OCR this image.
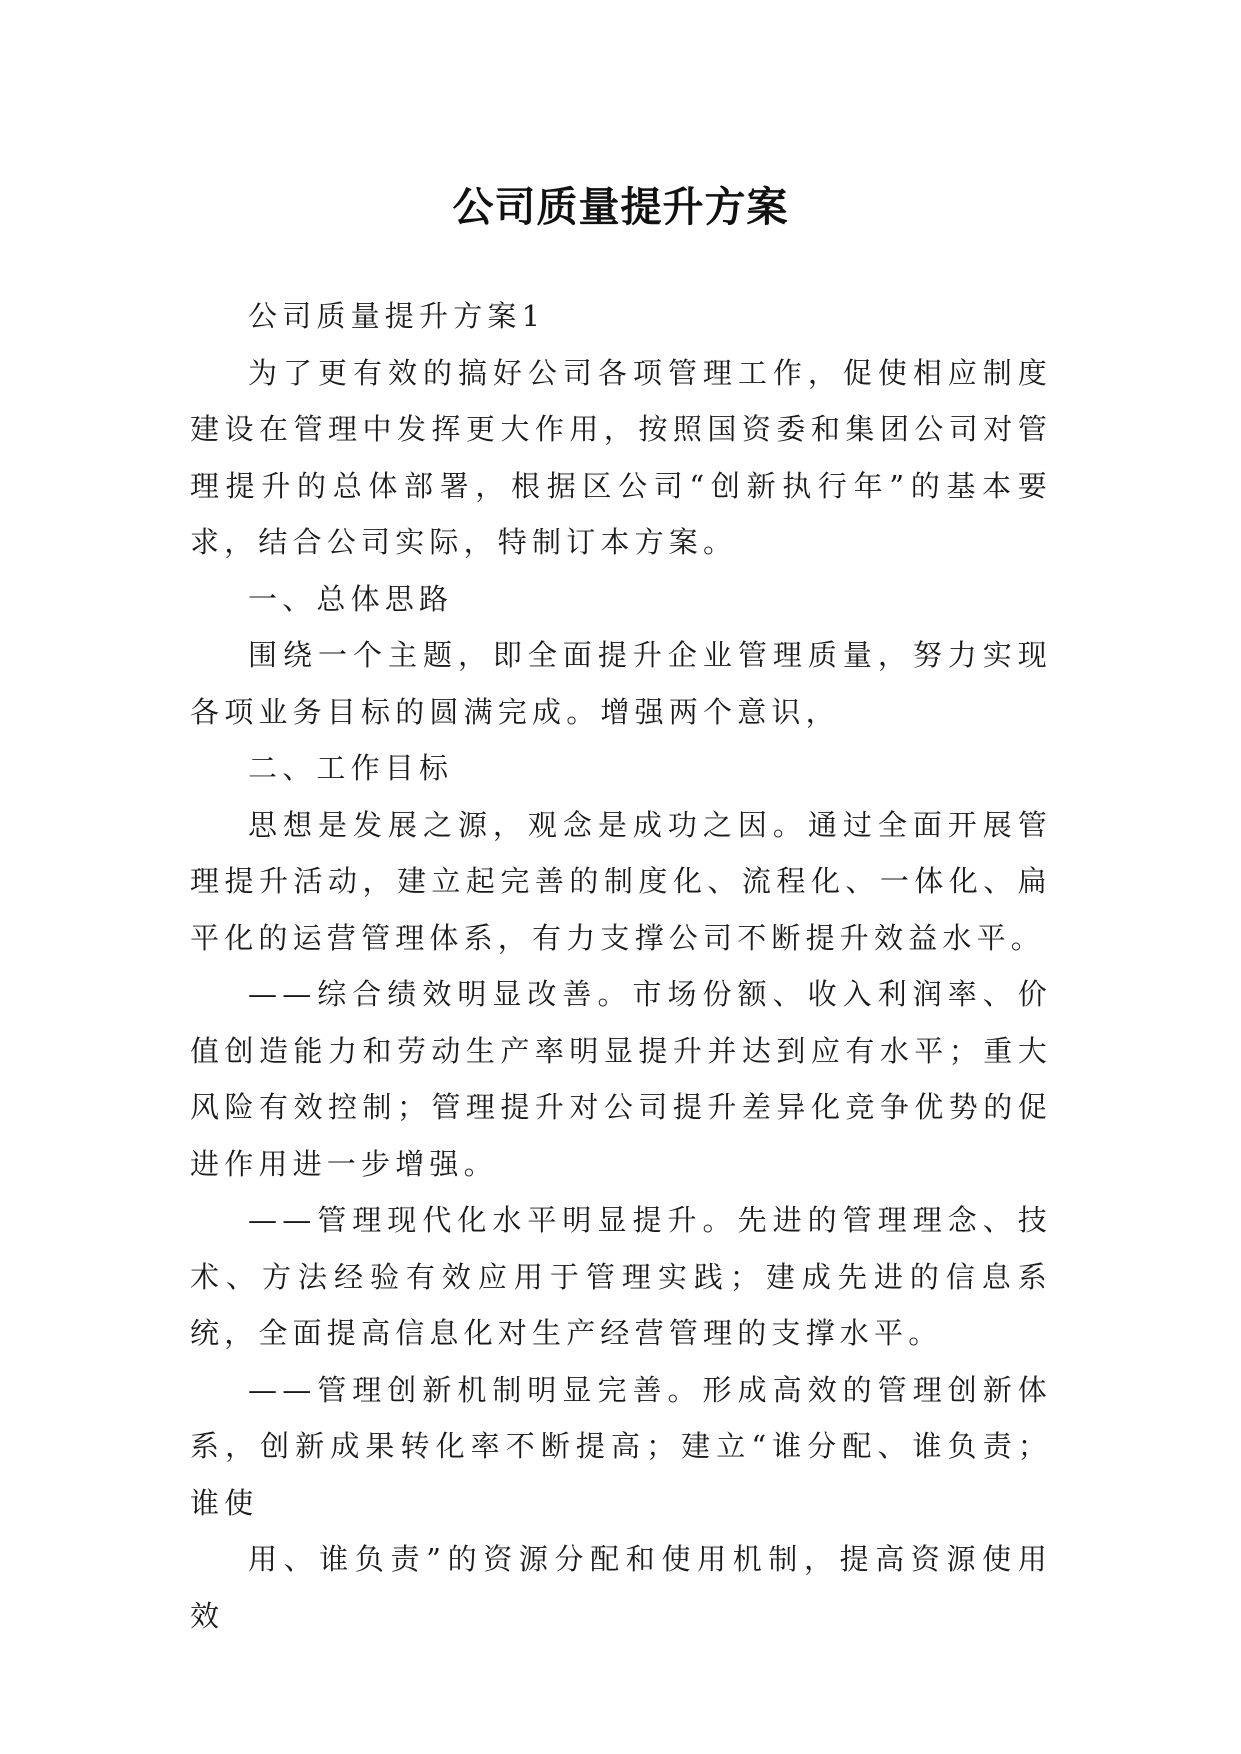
公司质量提升方案

公司质量提升方案1

为了更有效的搞好公司各项管理工作，促使相应制度建设在管理中发挥更大作用，按照国资委和集团公司对管理提升的总体部署，根据区公司“创新执行年”的基本要求，结合公司实际，特制订本方案。

一、总体思路

围绕一个主题，即全面提升企业管理质量，努力实现各项业务目标的圆满完成。增强两个意识，

二、工作目标

思想是发展之源，观念是成功之因。通过全面开展管理提升活动，建立起完善的制度化、流程化、一体化、扁平化的运营管理体系，有力支撑公司不断提升效益水平。

——综合绩效明显改善。市场份额、收入利润率、价值创造能力和劳动生产率明显提升并达到应有水平；重大风险有效控制；管理提升对公司提升差异化竞争优势的促进作用进一步增强。

——管理现代化水平明显提升。先进的管理理念、技术、方法经验有效应用于管理实践；建成先进的信息系统，全面提高信息化对生产经营管理的支撑水平。

——管理创新机制明显完善。形成高效的管理创新体系，创新成果转化率不断提高；建立“谁分配、谁负责；谁使

用、谁负责”的资源分配和使用机制，提高资源使用效
